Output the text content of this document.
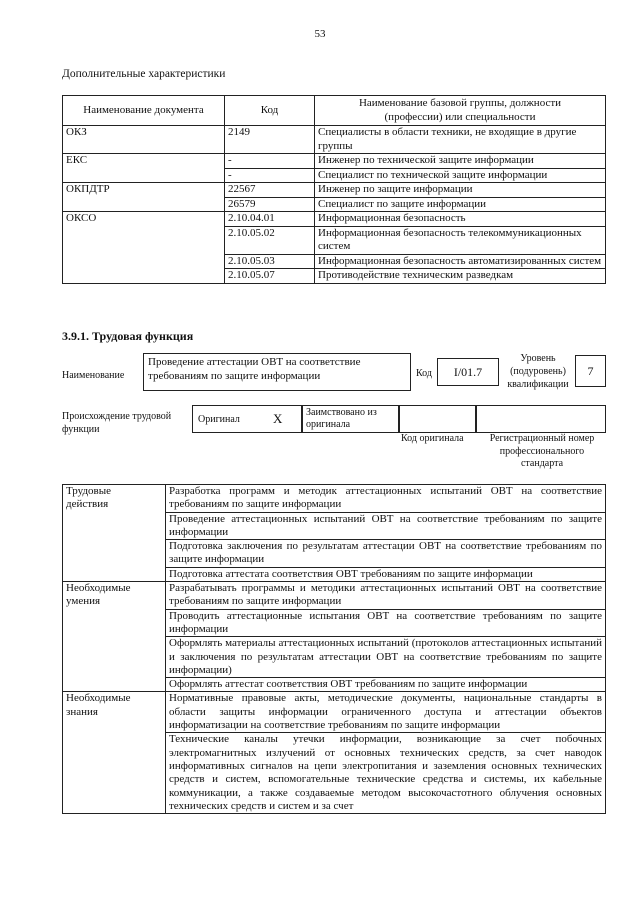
53
Дополнительные характеристики
Наименование документа	Код	Наименование базовой группы, должности
(профессии) или специальности
ОКЗ	2149	Специалисты в области техники, не входящие в другие группы
ЕКС	-	Инженер по технической защите информации
	-	Специалист по технической защите информации
ОКПДТР	22567	Инженер по защите информации
	26579	Специалист по защите информации
ОКСО	2.10.04.01	Информационная безопасность
	2.10.05.02	Информационная безопасность телекоммуникационных систем
	2.10.05.03	Информационная безопасность автоматизированных систем
	2.10.05.07	Противодействие техническим разведкам
3.9.1. Трудовая функция
Наименование
Проведение аттестации ОВТ на соответствие требованиям по защите информации	Код	I/01.7
Уровень
(подуровень)
квалификации
7
Происхождение трудовой
функции
Оригинал	X	Заимствовано из
оригинала
Код оригинала	Регистрационный номер
профессионального
стандарта
Трудовые
действия	Разработка программ и методик аттестационных испытаний ОВТ на соответствие требованиям по защите информации
	Проведение аттестационных испытаний ОВТ на соответствие требованиям по защите информации
	Подготовка заключения по результатам аттестации ОВТ на соответствие требованиям по защите информации
	Подготовка аттестата соответствия ОВТ требованиям по защите информации
Необходимые
умения	Разрабатывать программы и методики аттестационных испытаний ОВТ на соответствие требованиям по защите информации
	Проводить аттестационные испытания ОВТ на соответствие требованиям по защите информации
	Оформлять материалы аттестационных испытаний (протоколов аттестационных испытаний и заключения по результатам аттестации ОВТ на соответствие требованиям по защите информации)
	Оформлять аттестат соответствия ОВТ требованиям по защите информации
Необходимые
знания	Нормативные правовые акты, методические документы, национальные стандарты в области защиты информации ограниченного доступа и аттестации объектов информатизации на соответствие требованиям по защите информации
	Технические каналы утечки информации, возникающие за счет побочных электромагнитных излучений от основных технических средств, за счет наводок информативных сигналов на цепи электропитания и заземления основных технических средств и систем, вспомогательные технические средства и системы, их кабельные коммуникации, а также создаваемые методом высокочастотного облучения основных технических средств и систем и за счет
